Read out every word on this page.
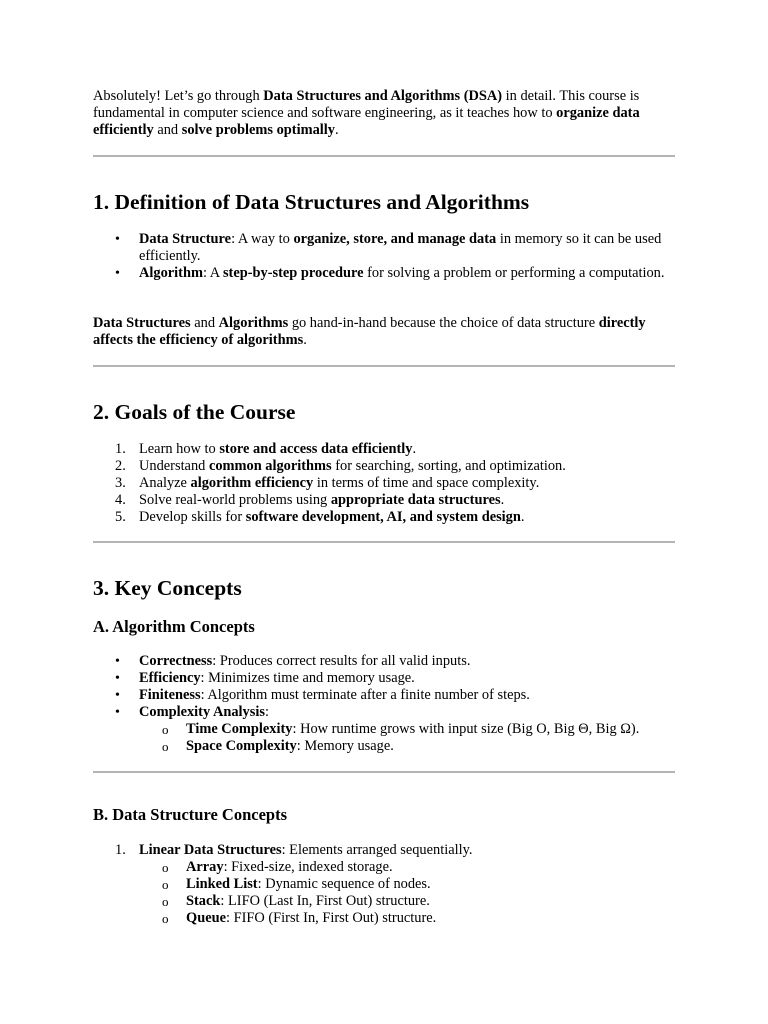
Absolutely! Let’s go through Data Structures and Algorithms (DSA) in detail. This course is fundamental in computer science and software engineering, as it teaches how to organize data efficiently and solve problems optimally.

1. Definition of Data Structures and Algorithms
•	Data Structure: A way to organize, store, and manage data in memory so it can be used efficiently.
•	Algorithm: A step-by-step procedure for solving a problem or performing a computation.

Data Structures and Algorithms go hand-in-hand because the choice of data structure directly affects the efficiency of algorithms.

2. Goals of the Course
1. Learn how to store and access data efficiently.
2. Understand common algorithms for searching, sorting, and optimization.
3. Analyze algorithm efficiency in terms of time and space complexity.
4. Solve real-world problems using appropriate data structures.
5. Develop skills for software development, AI, and system design.
3. Key Concepts
A. Algorithm Concepts
•	Correctness: Produces correct results for all valid inputs.
•	Efficiency: Minimizes time and memory usage.
•	Finiteness: Algorithm must terminate after a finite number of steps.
•	Complexity Analysis:
o	Time Complexity: How runtime grows with input size (Big O, Big Θ, Big Ω).
o	Space Complexity: Memory usage.
B. Data Structure Concepts
1. Linear Data Structures: Elements arranged sequentially.
o	Array: Fixed-size, indexed storage.
o	Linked List: Dynamic sequence of nodes.
o	Stack: LIFO (Last In, First Out) structure.
o	Queue: FIFO (First In, First Out) structure.
